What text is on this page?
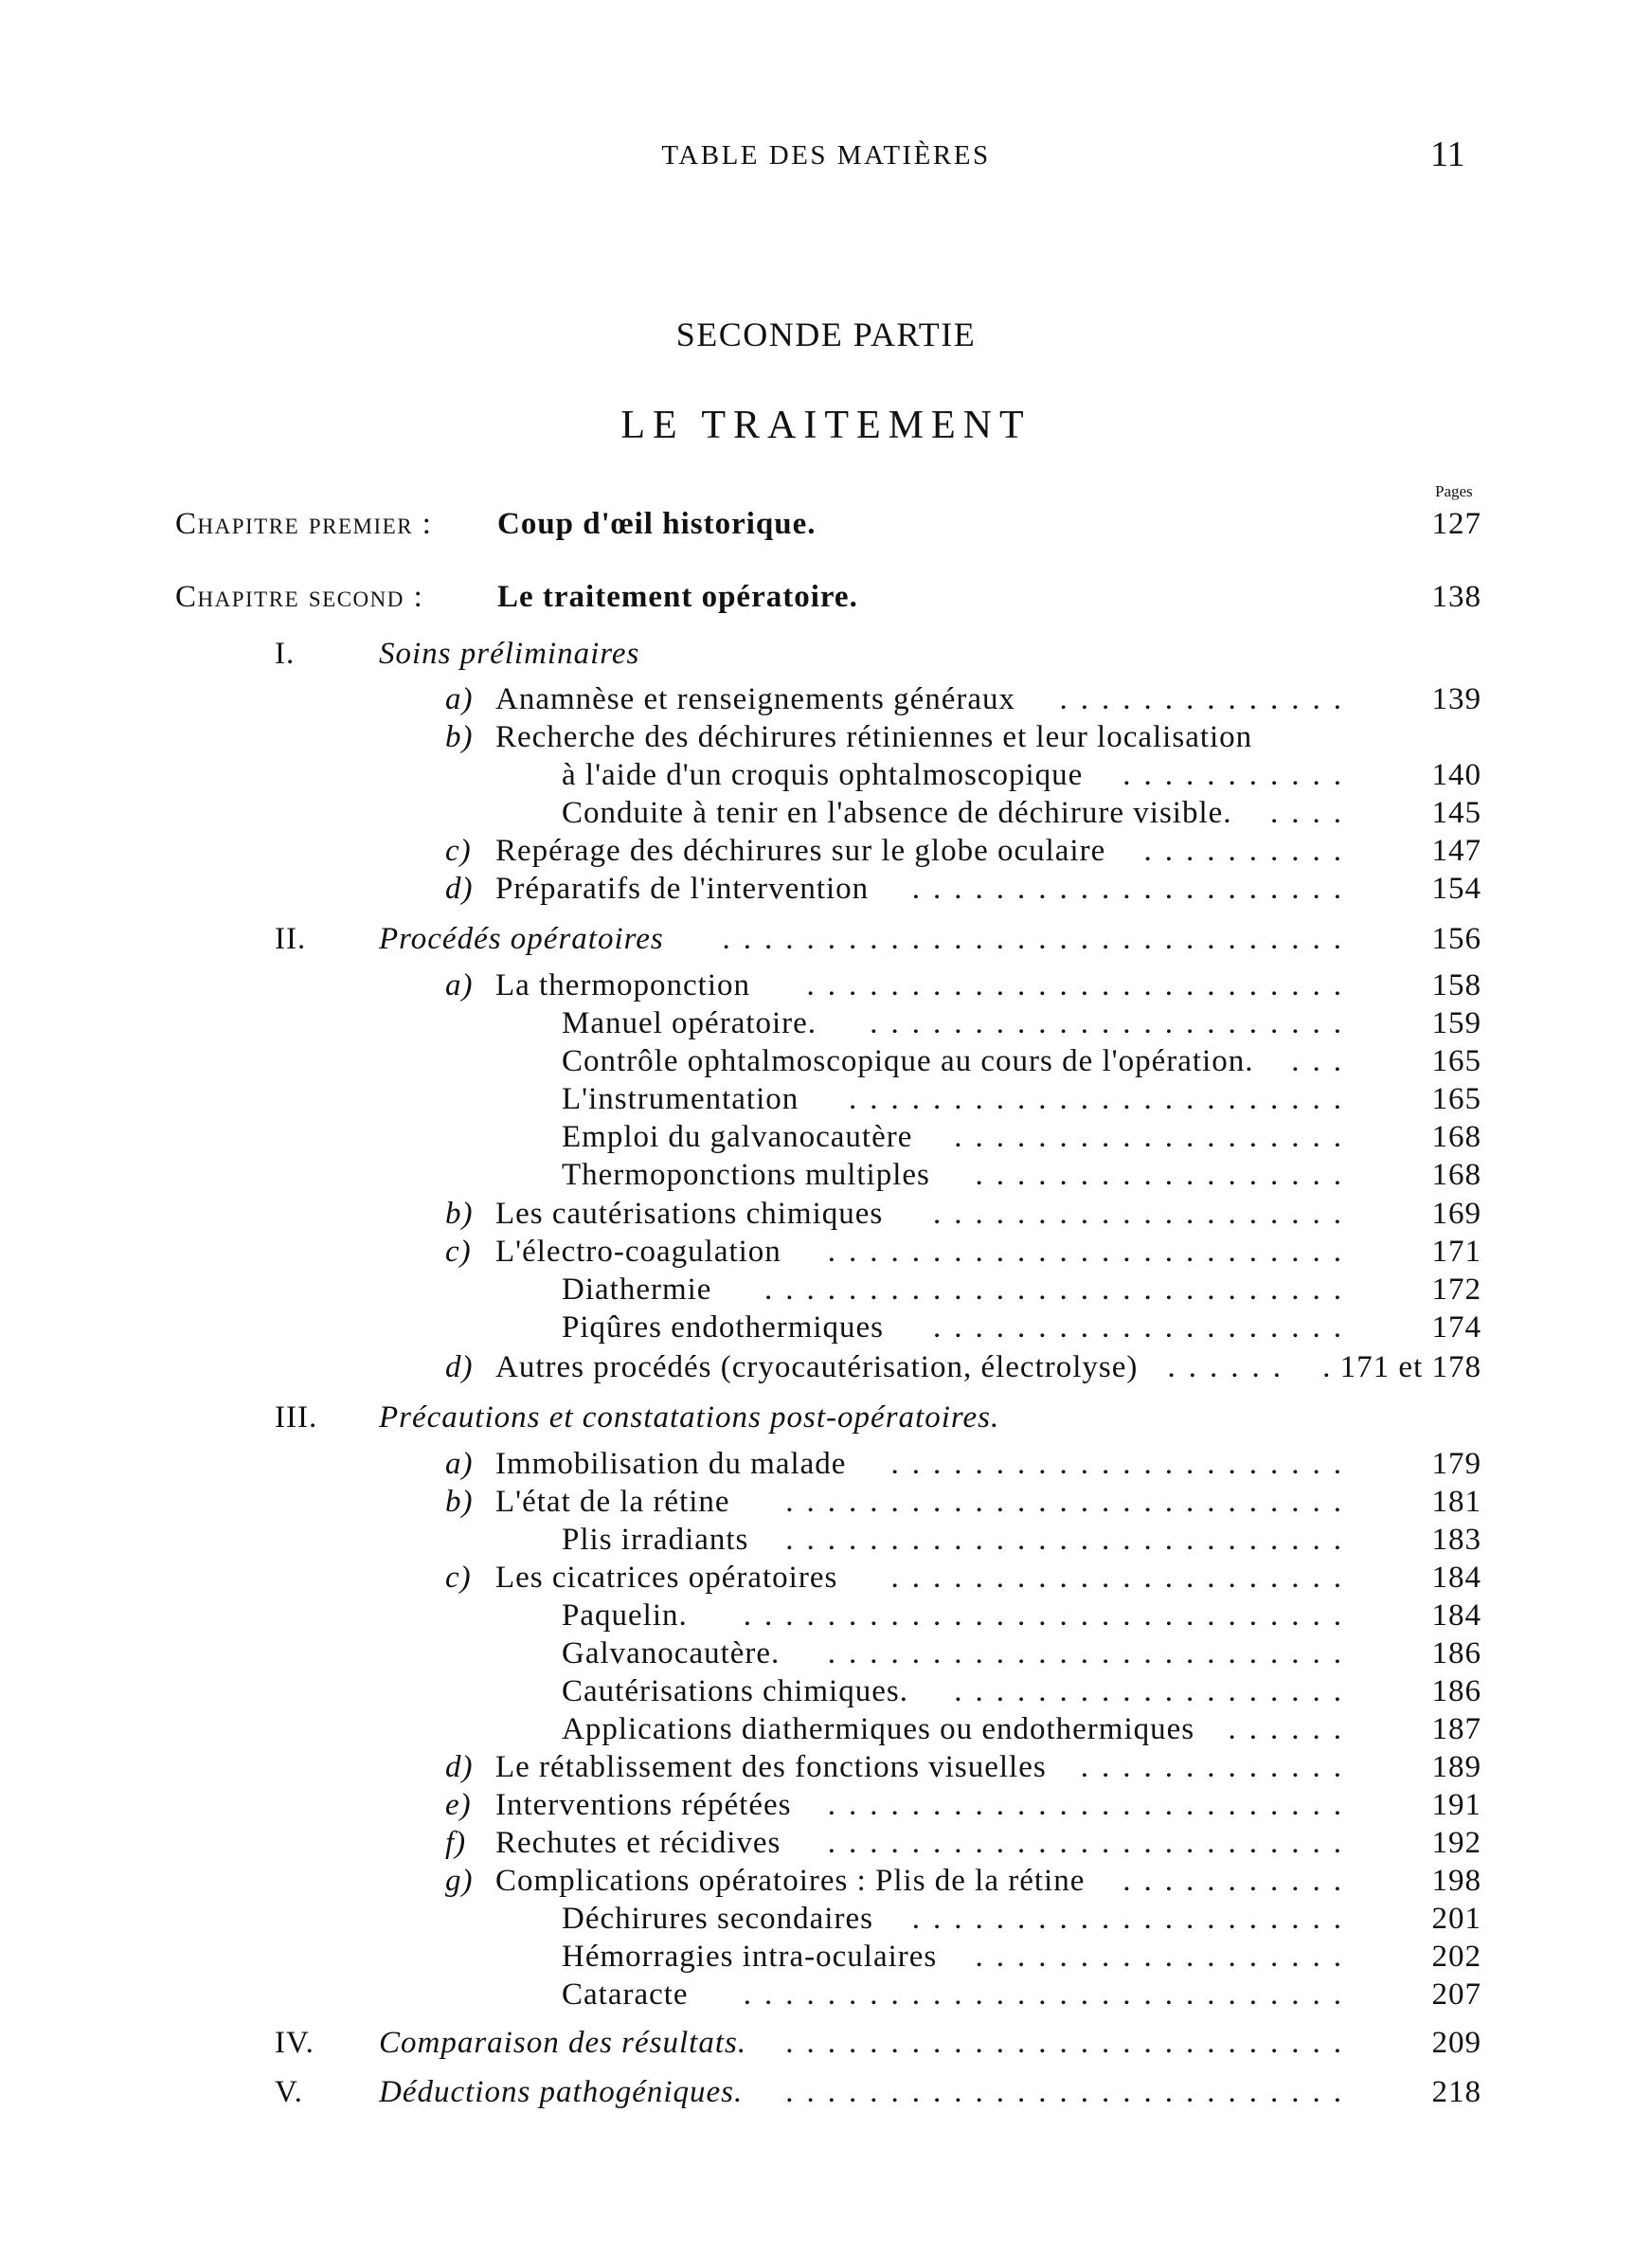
TABLE DES MATIÈRES	11
SECONDE PARTIE
LE TRAITEMENT
Pages
Chapitre premier : Coup d'œil historique.	127
Chapitre second : Le traitement opératoire.	138
I.	Soins préliminaires
a) Anamnèse et renseignements généraux	.............. 139
b) Recherche des déchirures rétiniennes et leur localisation
à l'aide d'un croquis ophtalmoscopique	........... 140
Conduite à tenir en l'absence de déchirure visible.	.... 145
c) Repérage des déchirures sur le globe oculaire	.......... 147
d) Préparatifs de l'intervention	..................... 154
II. Procédés opératoires	.............................. 156
a) La thermoponction	.......................... 158
Manuel opératoire.	....................... 159
Contrôle ophtalmoscopique au cours de l'opération.	... 165
L'instrumentation	........................ 165
Emploi du galvanocautère	................... 168
Thermoponctions multiples	.................. 168
b) Les cautérisations chimiques	.................... 169
c) L'électro-coagulation	......................... 171
Diathermie	............................ 172
Piqûres endothermiques	.................... 174
d) Autres procédés (cryocautérisation, électrolyse) ...... . 171 et 178
III. Précautions et constatations post-opératoires.
a) Immobilisation du malade	...................... 179
b) L'état de la rétine	........................... 181
Plis irradiants	........................... 183
c) Les cicatrices opératoires	...................... 184
Paquelin.	............................. 184
Galvanocautère.	......................... 186
Cautérisations chimiques.	................... 186
Applications diathermiques ou endothermiques	...... 187
d) Le rétablissement des fonctions visuelles	............. 189
e) Interventions répétées	......................... 191
f) Rechutes et récidives	......................... 192
g) Complications opératoires : Plis de la rétine	........... 198
Déchirures secondaires	..................... 201
Hémorragies intra-oculaires	.................. 202
Cataracte	............................. 207
IV. Comparaison des résultats.	........................... 209
V. Déductions pathogéniques.	........................... 218
